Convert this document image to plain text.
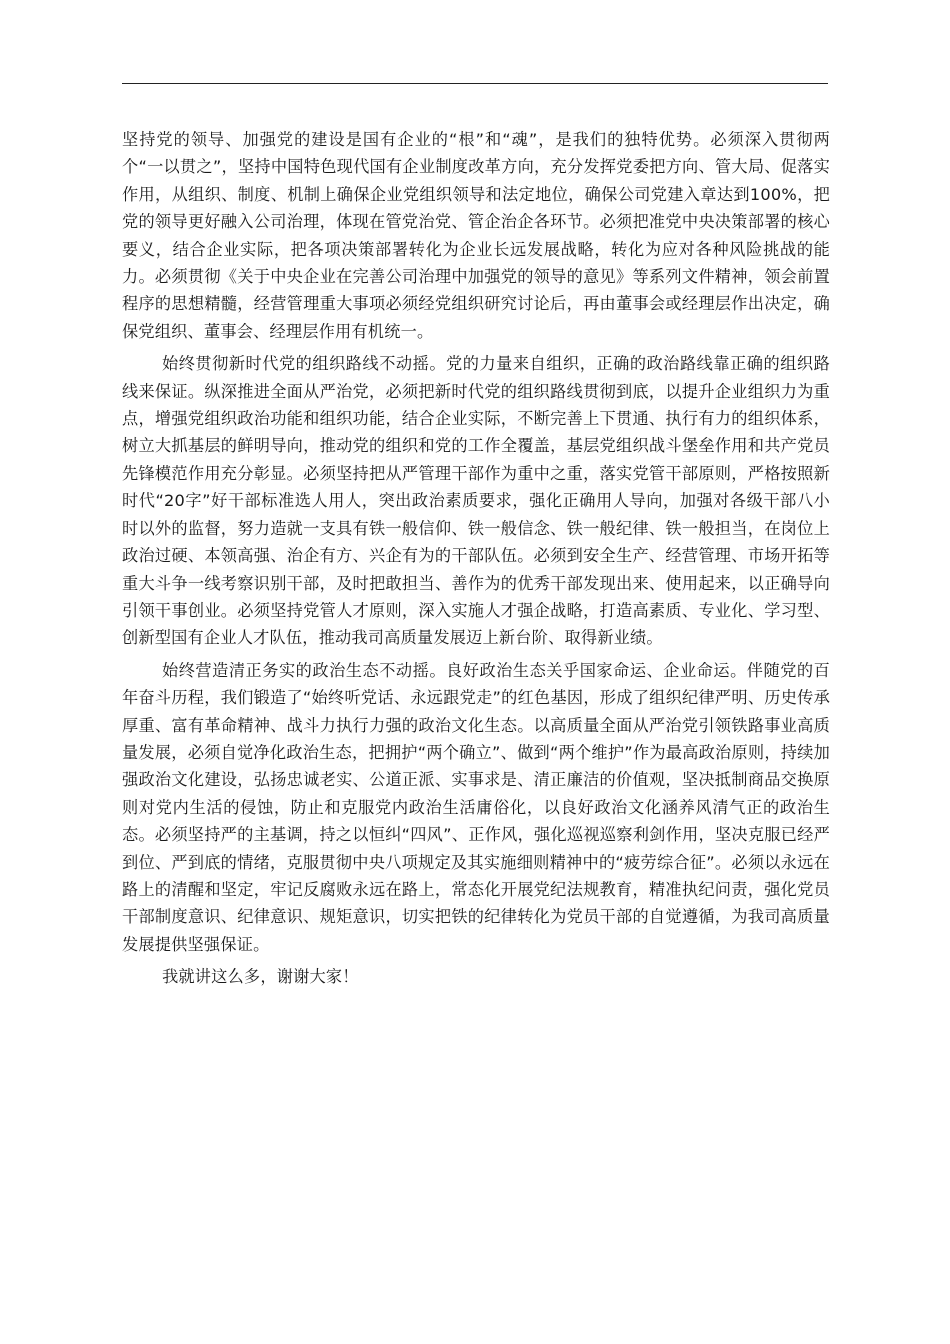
坚持党的领导、加强党的建设是国有企业的“根”和“魂”，是我们的独特优势。必须深入贯彻两个“一以贯之”，坚持中国特色现代国有企业制度改革方向，充分发挥党委把方向、管大局、促落实作用，从组织、制度、机制上确保企业党组织领导和法定地位，确保公司党建入章达到100%，把党的领导更好融入公司治理，体现在管党治党、管企治企各环节。必须把准党中央决策部署的核心要义，结合企业实际，把各项决策部署转化为企业长远发展战略，转化为应对各种风险挑战的能力。必须贯彻《关于中央企业在完善公司治理中加强党的领导的意见》等系列文件精神，领会前置程序的思想精髓，经营管理重大事项必须经党组织研究讨论后，再由董事会或经理层作出决定，确保党组织、董事会、经理层作用有机统一。

始终贯彻新时代党的组织路线不动摇。党的力量来自组织，正确的政治路线靠正确的组织路线来保证。纵深推进全面从严治党，必须把新时代党的组织路线贯彻到底，以提升企业组织力为重点，增强党组织政治功能和组织功能，结合企业实际，不断完善上下贯通、执行有力的组织体系，树立大抓基层的鲜明导向，推动党的组织和党的工作全覆盖，基层党组织战斗堡垒作用和共产党员先锋模范作用充分彰显。必须坚持把从严管理干部作为重中之重，落实党管干部原则，严格按照新时代“20字”好干部标准选人用人，突出政治素质要求，强化正确用人导向，加强对各级干部八小时以外的监督，努力造就一支具有铁一般信仰、铁一般信念、铁一般纪律、铁一般担当，在岗位上政治过硬、本领高强、治企有方、兴企有为的干部队伍。必须到安全生产、经营管理、市场开拓等重大斗争一线考察识别干部，及时把敢担当、善作为的优秀干部发现出来、使用起来，以正确导向引领干事创业。必须坚持党管人才原则，深入实施人才强企战略，打造高素质、专业化、学习型、创新型国有企业人才队伍，推动我司高质量发展迈上新台阶、取得新业绩。

始终营造清正务实的政治生态不动摇。良好政治生态关乎国家命运、企业命运。伴随党的百年奋斗历程，我们锻造了“始终听党话、永远跟党走”的红色基因，形成了组织纪律严明、历史传承厚重、富有革命精神、战斗力执行力强的政治文化生态。以高质量全面从严治党引领铁路事业高质量发展，必须自觉净化政治生态，把拥护“两个确立”、做到“两个维护”作为最高政治原则，持续加强政治文化建设，弘扬忠诚老实、公道正派、实事求是、清正廉洁的价值观，坚决抵制商品交换原则对党内生活的侵蚀，防止和克服党内政治生活庸俗化，以良好政治文化涵养风清气正的政治生态。必须坚持严的主基调，持之以恒纠“四风”、正作风，强化巡视巡察利剑作用，坚决克服已经严到位、严到底的情绪，克服贯彻中央八项规定及其实施细则精神中的“疲劳综合征”。必须以永远在路上的清醒和坚定，牢记反腐败永远在路上，常态化开展党纪法规教育，精准执纪问责，强化党员干部制度意识、纪律意识、规矩意识，切实把铁的纪律转化为党员干部的自觉遵循，为我司高质量发展提供坚强保证。

我就讲这么多，谢谢大家！
